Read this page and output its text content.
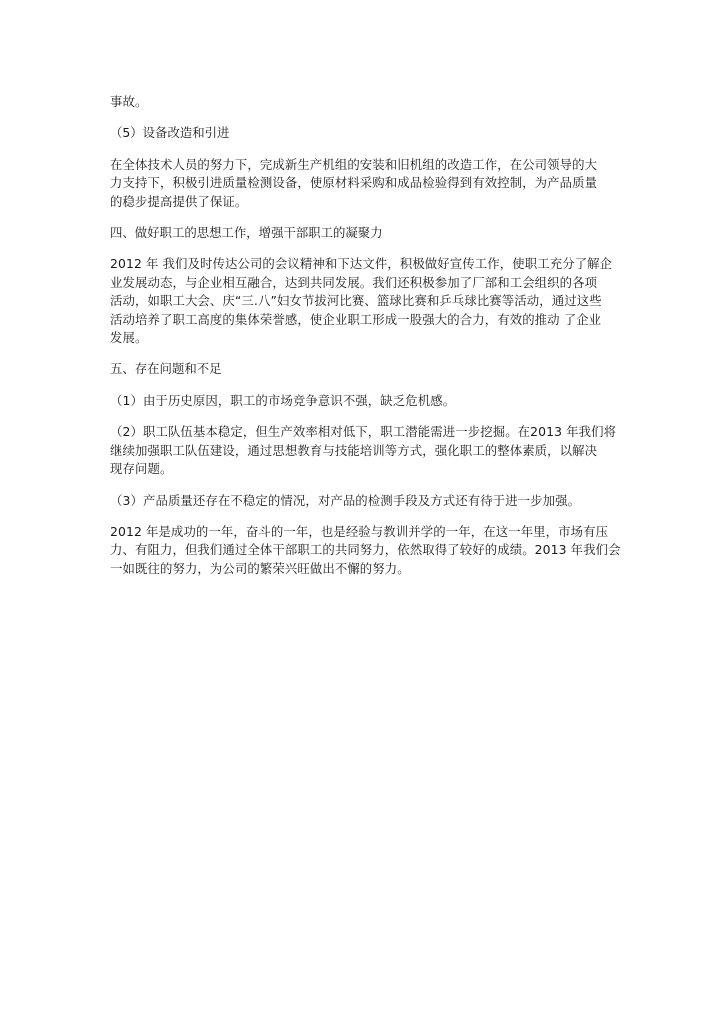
事故。
（5）设备改造和引进
在全体技术人员的努力下，完成新生产机组的安装和旧机组的改造工作，在公司领导的大
力支持下，积极引进质量检测设备，使原材料采购和成品检验得到有效控制，为产品质量
的稳步提高提供了保证。
四、做好职工的思想工作，增强干部职工的凝聚力
2012 年 我们及时传达公司的会议精神和下达文件，积极做好宣传工作，使职工充分了解企
业发展动态，与企业相互融合，达到共同发展。我们还积极参加了厂部和工会组织的各项
活动，如职工大会、庆“三.八”妇女节拔河比赛、篮球比赛和乒乓球比赛等活动，通过这些
活动培养了职工高度的集体荣誉感，使企业职工形成一股强大的合力，有效的推动 了企业
发展。
五、存在问题和不足
（1）由于历史原因，职工的市场竞争意识不强，缺乏危机感。
（2）职工队伍基本稳定，但生产效率相对低下，职工潜能需进一步挖掘。在2013 年我们将
继续加强职工队伍建设，通过思想教育与技能培训等方式，强化职工的整体素质，以解决
现存问题。
（3）产品质量还存在不稳定的情况，对产品的检测手段及方式还有待于进一步加强。
2012 年是成功的一年，奋斗的一年，也是经验与教训并学的一年，在这一年里，市场有压
力、有阻力，但我们通过全体干部职工的共同努力，依然取得了较好的成绩。2013 年我们会
一如既往的努力，为公司的繁荣兴旺做出不懈的努力。
